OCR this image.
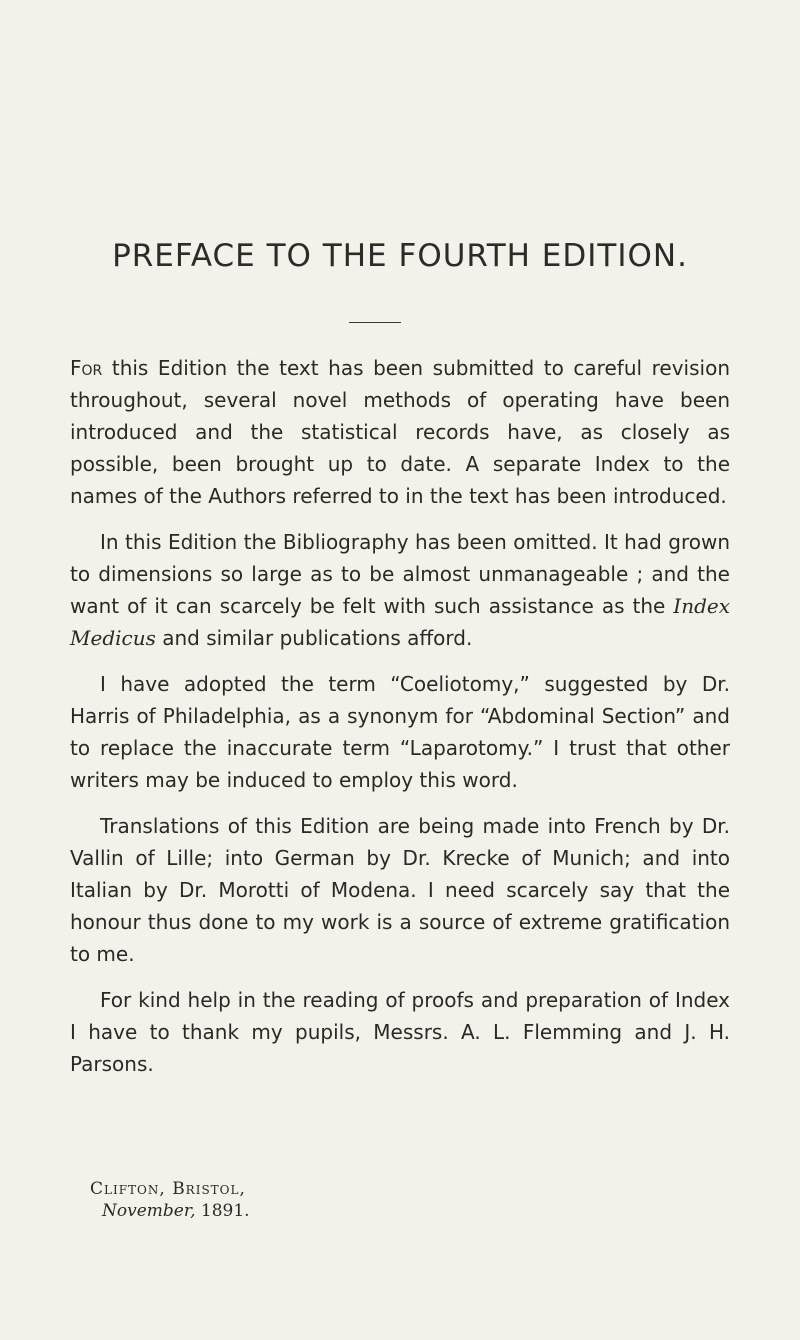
PREFACE TO THE FOURTH EDITION.

For this Edition the text has been submitted to careful revision throughout, several novel methods of operating have been introduced and the statistical records have, as closely as possible, been brought up to date. A separate Index to the names of the Authors referred to in the text has been introduced.

In this Edition the Bibliography has been omitted. It had grown to dimensions so large as to be almost unmanageable ; and the want of it can scarcely be felt with such assistance as the Index Medicus and similar publications afford.

I have adopted the term “Coeliotomy,” suggested by Dr. Harris of Philadelphia, as a synonym for “Abdominal Section” and to replace the inaccurate term “Laparotomy.” I trust that other writers may be induced to employ this word.

Translations of this Edition are being made into French by Dr. Vallin of Lille; into German by Dr. Krecke of Munich; and into Italian by Dr. Morotti of Modena. I need scarcely say that the honour thus done to my work is a source of extreme gratification to me.

For kind help in the reading of proofs and preparation of Index I have to thank my pupils, Messrs. A. L. Flemming and J. H. Parsons.

Clifton, Bristol,
November, 1891.
